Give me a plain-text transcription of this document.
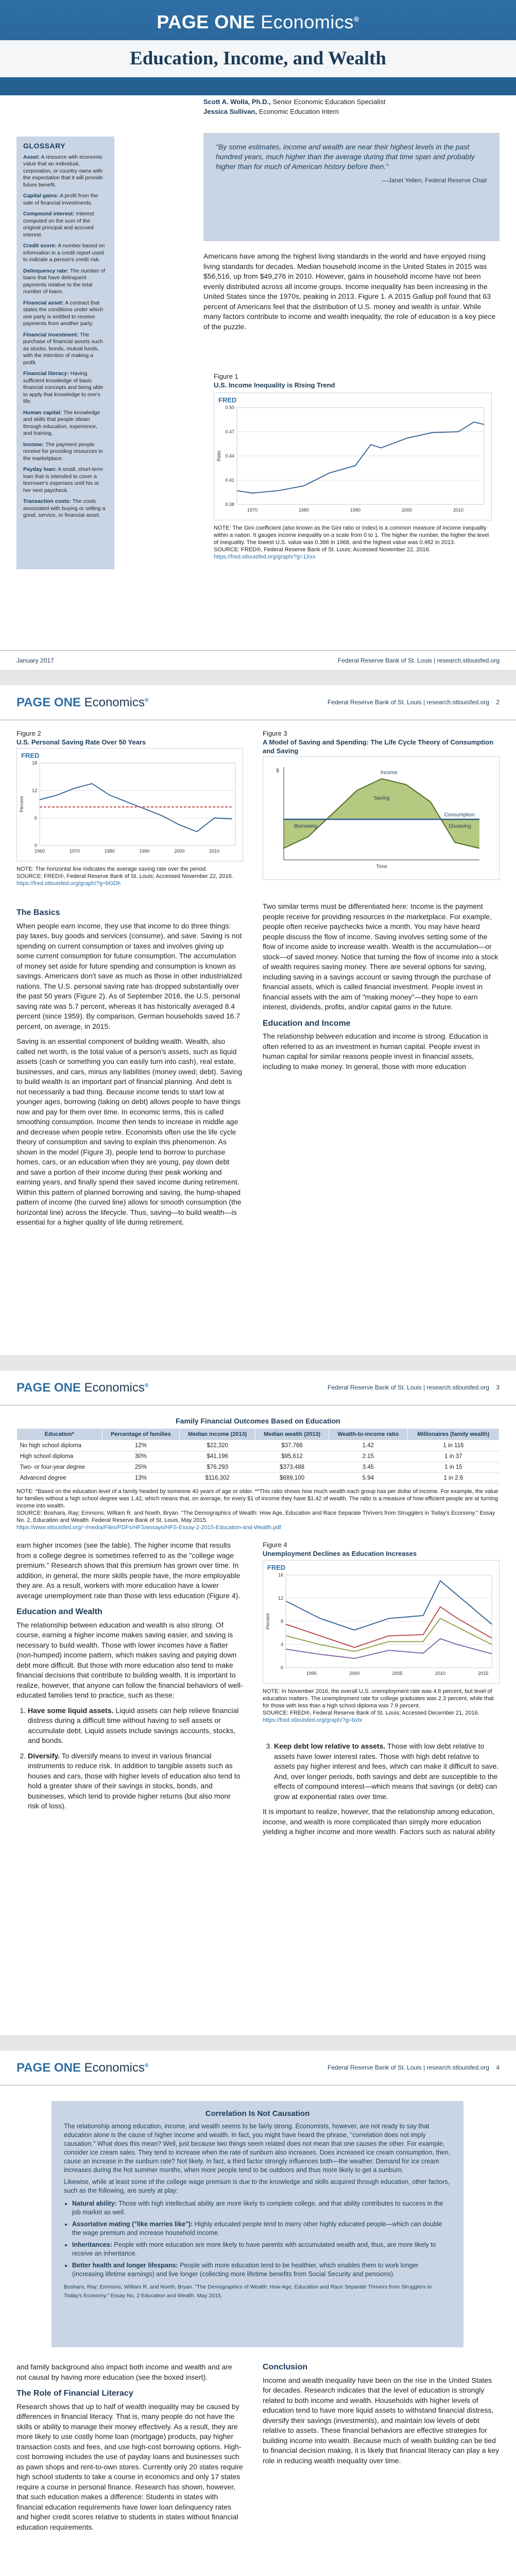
PAGE ONE Economics®
Education, Income, and Wealth
Scott A. Wolla, Ph.D., Senior Economic Education Specialist
Jessica Sullivan, Economic Education Intern
GLOSSARY
Asset: A resource with economic value that an individual, corporation, or country owns with the expectation that it will provide future benefit.
Capital gains: A profit from the sale of financial investments.
Compound interest: Interest computed on the sum of the original principal and accrued interest.
Credit score: A number based on information in a credit report used to indicate a person's credit risk.
Delinquency rate: The number of loans that have delinquent payments relative to the total number of loans.
Financial asset: A contract that states the conditions under which one party is entitled to receive payments from another party.
Financial investment: The purchase of financial assets such as stocks, bonds, mutual funds, with the intention of making a profit.
Financial literacy: Having sufficient knowledge of basic financial concepts and being able to apply that knowledge to one's life.
Human capital: The knowledge and skills that people obtain through education, experience, and training.
Income: The payment people receive for providing resources in the marketplace.
Payday loan: A small, short-term loan that is intended to cover a borrower's expenses until his or her next paycheck.
Transaction costs: The costs associated with buying or selling a good, service, or financial asset.
"By some estimates, income and wealth are near their highest levels in the past hundred years, much higher than the average during that time span and probably higher than for much of American history before then."
—Janet Yellen, Federal Reserve Chair

Americans have among the highest living standards in the world and have enjoyed rising living standards for decades. Median household income in the United States in 2015 was $56,516, up from $49,276 in 2010. However, gains in household income have not been evenly distributed across all income groups. Income inequality has been increasing in the United States since the 1970s, peaking in 2013. Figure 1. A 2015 Gallup poll found that 63 percent of Americans feel that the distribution of U.S. money and wealth is unfair. While many factors contribute to income and wealth inequality, the role of education is a key piece of the puzzle.

Figure 1
U.S. Income Inequality is Rising Trend
FRED
0.38
0.41
0.44
0.47
0.50
1970	1980	1990	2000	2010
Ratio
NOTE: The Gini coefficient (also known as the Gini ratio or index) is a common measure of income inequality within a nation. It gauges income inequality on a scale from 0 to 1. The higher the number, the higher the level of inequality. The lowest U.S. value was 0.386 in 1968, and the highest value was 0.482 in 2013.
SOURCE: FRED®, Federal Reserve Bank of St. Louis; Accessed November 22, 2016.
https://fred.stlouisfed.org/graph/?g=1Xxx
January 2017	Federal Reserve Bank of St. Louis | research.stlouisfed.org
PAGE ONE Economics®	Federal Reserve Bank of St. Louis | research.stlouisfed.org 2
Figure 2
U.S. Personal Saving Rate Over 50 Years
FRED
0
6
12
18
1960	1970	1980	1990	2000	2010
Percent
NOTE: The horizontal line indicates the average saving rate over the period.
SOURCE: FRED®, Federal Reserve Bank of St. Louis; Accessed November 22, 2016.
https://fred.stlouisfed.org/graph/?g=bGDh
Figure 3
A Model of Saving and Spending: The Life Cycle Theory of Consumption and Saving
Saving
Income
Consumption
Borrowing	Dissaving
Time
$
The Basics

When people earn income, they use that income to do three things: pay taxes, buy goods and services (consume), and save. Saving is not spending on current consumption or taxes and involves giving up some current consumption for future consumption. The accumulation of money set aside for future spending and consumption is known as savings. Americans don't save as much as those in other industrialized nations. The U.S. personal saving rate has dropped substantially over the past 50 years (Figure 2). As of September 2016, the U.S. personal saving rate was 5.7 percent, whereas it has historically averaged 8.4 percent (since 1959). By comparison, German households saved 16.7 percent, on average, in 2015.

Saving is an essential component of building wealth. Wealth, also called net worth, is the total value of a person's assets, such as liquid assets (cash or something you can easily turn into cash), real estate, businesses, and cars, minus any liabilities (money owed; debt). Saving to build wealth is an important part of financial planning. And debt is not necessarily a bad thing. Because income tends to start low at younger ages, borrowing (taking on debt) allows people to have things now and pay for them over time. In economic terms, this is called smoothing consumption. Income then tends to increase in middle age and decrease when people retire. Economists often use the life cycle theory of consumption and saving to explain this phenomenon. As shown in the model (Figure 3), people tend to borrow to purchase homes, cars, or an education when they are young, pay down debt and save a portion of their income during their peak working and earning years, and finally spend their saved income during retirement. Within this pattern of planned borrowing and saving, the hump-shaped pattern of income (the curved line) allows for smooth consumption (the horizontal line) across the lifecycle. Thus, saving—to build wealth—is essential for a higher quality of life during retirement.

Two similar terms must be differentiated here: Income is the payment people receive for providing resources in the marketplace. For example, people often receive paychecks twice a month. You may have heard people discuss the flow of income. Saving involves setting some of the flow of income aside to increase wealth. Wealth is the accumulation—or stock—of saved money. Notice that turning the flow of income into a stock of wealth requires saving money. There are several options for saving, including saving in a savings account or saving through the purchase of financial assets, which is called financial investment. People invest in financial assets with the aim of "making money"—they hope to earn interest, dividends, profits, and/or capital gains in the future.

Education and Income

The relationship between education and income is strong. Education is often referred to as an investment in human capital. People invest in human capital for similar reasons people invest in financial assets, including to make money. In general, those with more education

PAGE ONE Economics®	Federal Reserve Bank of St. Louis | research.stlouisfed.org 3
Family Financial Outcomes Based on Education
Education*	Percentage of families	Median income (2013)	Median wealth (2013)	Wealth-to-income ratio	Millionaires (family wealth)
No high school diploma	12%	$22,320	$37,766	1.42	1 in 116
High school diploma	30%	$41,196	$95,612	2.15	1 in 37
Two- or four-year degree	25%	$76,293	$373,488	3.45	1 in 15
Advanced degree	13%	$116,302	$689,100	5.94	1 in 2.6
NOTE: *Based on the education level of a family headed by someone 40 years of age or older. **This ratio shows how much wealth each group has per dollar of income. For example, the value for families without a high school degree was 1.42, which means that, on average, for every $1 of income they have $1.42 of wealth. The ratio is a measure of how efficient people are at turning income into wealth.
SOURCE: Boshara, Ray; Emmons, William R. and Noeth, Bryan. "The Demographics of Wealth: How Age, Education and Race Separate Thrivers from Strugglers in Today's Economy." Essay No. 2, Education and Wealth. Federal Reserve Bank of St. Louis, May 2015.
https://www.stlouisfed.org/~/media/Files/PDFs/HFS/essays/HFS-Essay-2-2015-Education-and-Wealth.pdf

earn higher incomes (see the table). The higher income that results from a college degree is sometimes referred to as the "college wage premium." Research shows that this premium has grown over time. In addition, in general, the more skills people have, the more employable they are. As a result, workers with more education have a lower average unemployment rate than those with less education (Figure 4).

Education and Wealth

The relationship between education and wealth is also strong. Of course, earning a higher income makes saving easier, and saving is necessary to build wealth. Those with lower incomes have a flatter (non-humped) income pattern, which makes saving and paying down debt more difficult. But those with more education also tend to make financial decisions that contribute to building wealth. It is important to realize, however, that anyone can follow the financial behaviors of well-educated families tend to practice, such as these:

1. Have some liquid assets. Liquid assets can help relieve financial distress during a difficult time without having to sell assets or accumulate debt. Liquid assets include savings accounts, stocks, and bonds.
2. Diversify. To diversify means to invest in various financial instruments to reduce risk. In addition to tangible assets such as houses and cars, those with higher levels of education also tend to hold a greater share of their savings in stocks, bonds, and businesses, which tend to provide higher returns (but also more risk of loss).
Figure 4
Unemployment Declines as Education Increases
FRED
0
4
8
12
16
1995	2000	2005	2010	2015
Percent
NOTE: In November 2016, the overall U.S. unemployment rate was 4.6 percent, but level of education matters. The unemployment rate for college graduates was 2.3 percent, while that for those with less than a high school diploma was 7.9 percent.
SOURCE: FRED®, Federal Reserve Bank of St. Louis; Accessed December 21, 2016.
https://fred.stlouisfed.org/graph/?g=bxtx
3. Keep debt low relative to assets. Those with low debt relative to assets have lower interest rates. Those with high debt relative to assets pay higher interest and fees, which can make it difficult to save. And, over longer periods, both savings and debt are susceptible to the effects of compound interest—which means that savings (or debt) can grow at exponential rates over time.

It is important to realize, however, that the relationship among education, income, and wealth is more complicated than simply more education yielding a higher income and more wealth. Factors such as natural ability

PAGE ONE Economics®	Federal Reserve Bank of St. Louis | research.stlouisfed.org 4
Correlation Is Not Causation

The relationship among education, income, and wealth seems to be fairly strong. Economists, however, are not ready to say that education alone is the cause of higher income and wealth. In fact, you might have heard the phrase, "correlation does not imply causation." What does this mean? Well, just because two things seem related does not mean that one causes the other. For example, consider ice cream sales. They tend to increase when the rate of sunburn also increases. Does increased ice cream consumption, then, cause an increase in the sunburn rate? Not likely. In fact, a third factor strongly influences both—the weather. Demand for ice cream increases during the hot summer months, when more people tend to be outdoors and thus more likely to get a sunburn.

Likewise, while at least some of the college wage premium is due to the knowledge and skills acquired through education, other factors, such as the following, are surely at play:

• Natural ability: Those with high intellectual ability are more likely to complete college, and that ability contributes to success in the job market as well.
• Assortative mating ("like marries like"): Highly educated people tend to marry other highly educated people—which can double the wage premium and increase household income.
• Inheritances: People with more education are more likely to have parents with accumulated wealth and, thus, are more likely to receive an inheritance.
• Better health and longer lifespans: People with more education tend to be healthier, which enables them to work longer (increasing lifetime earnings) and live longer (collecting more lifetime benefits from Social Security and pensions).
Boshara, Ray; Emmons, William R. and Noeth, Bryan. "The Demographics of Wealth: How Age, Education and Race Separate Thrivers from Strugglers in Today's Economy." Essay No. 2 Education and Wealth. May 2015.

and family background also impact both income and wealth and are not causal by having more education (see the boxed insert).

The Role of Financial Literacy

Research shows that up to half of wealth inequality may be caused by differences in financial literacy. That is, many people do not have the skills or ability to manage their money effectively. As a result, they are more likely to use costly home loan (mortgage) products, pay higher transaction costs and fees, and use high-cost borrowing options. High-cost borrowing includes the use of payday loans and businesses such as pawn shops and rent-to-own stores. Currently only 20 states require high school students to take a course in economics and only 17 states require a course in personal finance. Research has shown, however, that such education makes a difference: Students in states with financial education requirements have lower loan delinquency rates and higher credit scores relative to students in states without financial education requirements.

Conclusion

Income and wealth inequality have been on the rise in the United States for decades. Research indicates that the level of education is strongly related to both income and wealth. Households with higher levels of education tend to have more liquid assets to withstand financial distress, diversify their savings (investments), and maintain low levels of debt relative to assets. These financial behaviors are effective strategies for building income into wealth. Because much of wealth building can be tied to financial decision making, it is likely that financial literacy can play a key role in reducing wealth inequality over time.
